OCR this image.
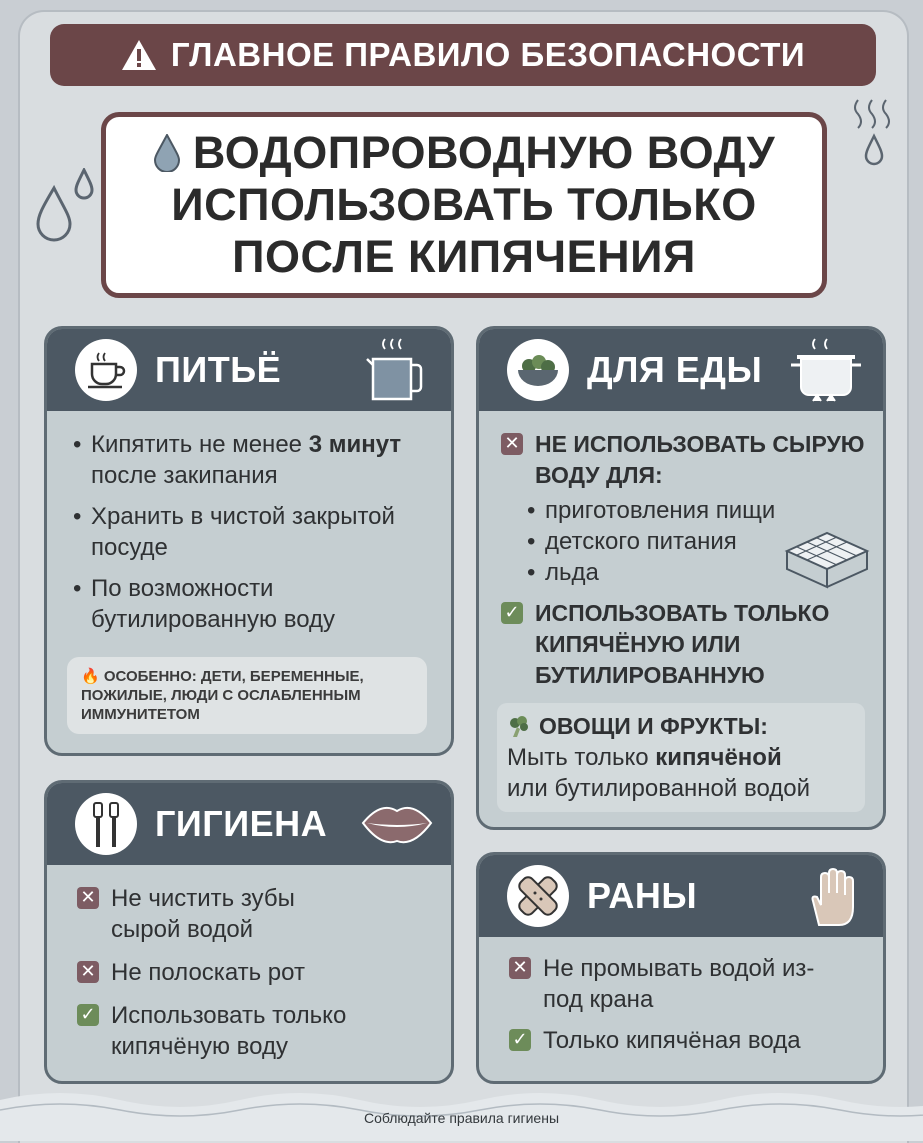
ГЛАВНОЕ ПРАВИЛО БЕЗОПАСНОСТИ
ВОДОПРОВОДНУЮ ВОДУ
ИСПОЛЬЗОВАТЬ ТОЛЬКО
ПОСЛЕ КИПЯЧЕНИЯ
ПИТЬЁ
• Кипятить не менее 3 минут после закипания
• Хранить в чистой закрытой посуде
• По возможности бутилированную воду
🔥 ОСОБЕННО: ДЕТИ, БЕРЕМЕННЫЕ, ПОЖИЛЫЕ, ЛЮДИ С ОСЛАБЛЕННЫМ ИММУНИТЕТОМ
ДЛЯ ЕДЫ
✕ НЕ ИСПОЛЬЗОВАТЬ СЫРУЮ ВОДУ ДЛЯ:
• приготовления пищи
• детского питания
• льда
✓ ИСПОЛЬЗОВАТЬ ТОЛЬКО КИПЯЧЁНУЮ ИЛИ БУТИЛИРОВАННУЮ
ОВОЩИ И ФРУКТЫ:
Мыть только кипячёной
или бутилированной водой
ГИГИЕНА
✕ Не чистить зубы сырой водой
✕ Не полоскать рот
✓ Использовать только кипячёную воду
РАНЫ
✕ Не промывать водой из-под крана
✓ Только кипячёная вода
Соблюдайте правила гигиены
